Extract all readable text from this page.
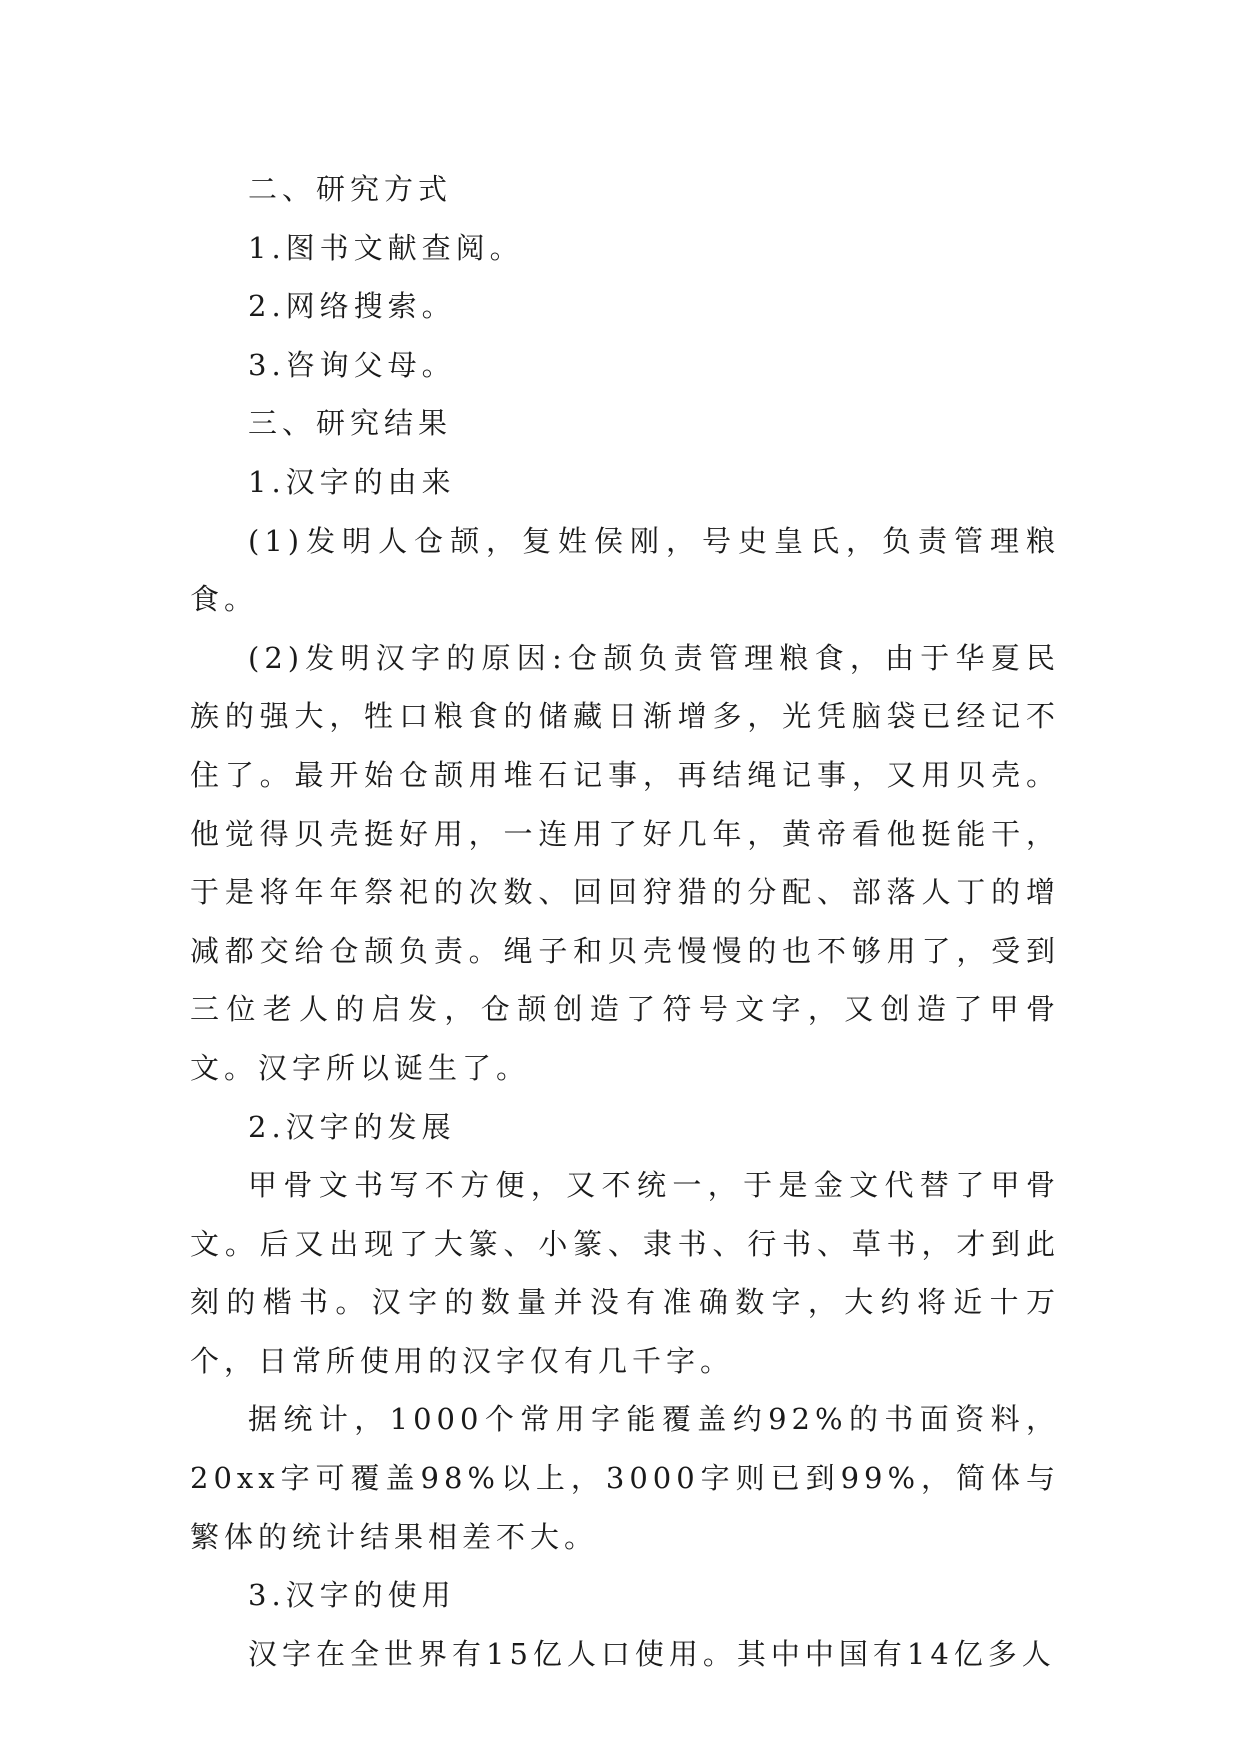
二、研究方式

1.图书文献查阅。

2.网络搜索。

3.咨询父母。

三、研究结果

1.汉字的由来

(1)发明人仓颉，复姓侯刚，号史皇氏，负责管理粮食。

(2)发明汉字的原因:仓颉负责管理粮食，由于华夏民族的强大，牲口粮食的储藏日渐增多，光凭脑袋已经记不住了。最开始仓颉用堆石记事，再结绳记事，又用贝壳。他觉得贝壳挺好用，一连用了好几年，黄帝看他挺能干，于是将年年祭祀的次数、回回狩猎的分配、部落人丁的增减都交给仓颉负责。绳子和贝壳慢慢的也不够用了，受到三位老人的启发，仓颉创造了符号文字，又创造了甲骨文。汉字所以诞生了。

2.汉字的发展

甲骨文书写不方便，又不统一，于是金文代替了甲骨文。后又出现了大篆、小篆、隶书、行书、草书，才到此刻的楷书。汉字的数量并没有准确数字，大约将近十万个，日常所使用的汉字仅有几千字。

据统计，1000个常用字能覆盖约92%的书面资料，20xx字可覆盖98%以上，3000字则已到99%，简体与繁体的统计结果相差不大。

3.汉字的使用

汉字在全世界有15亿人口使用。其中中国有14亿多人
